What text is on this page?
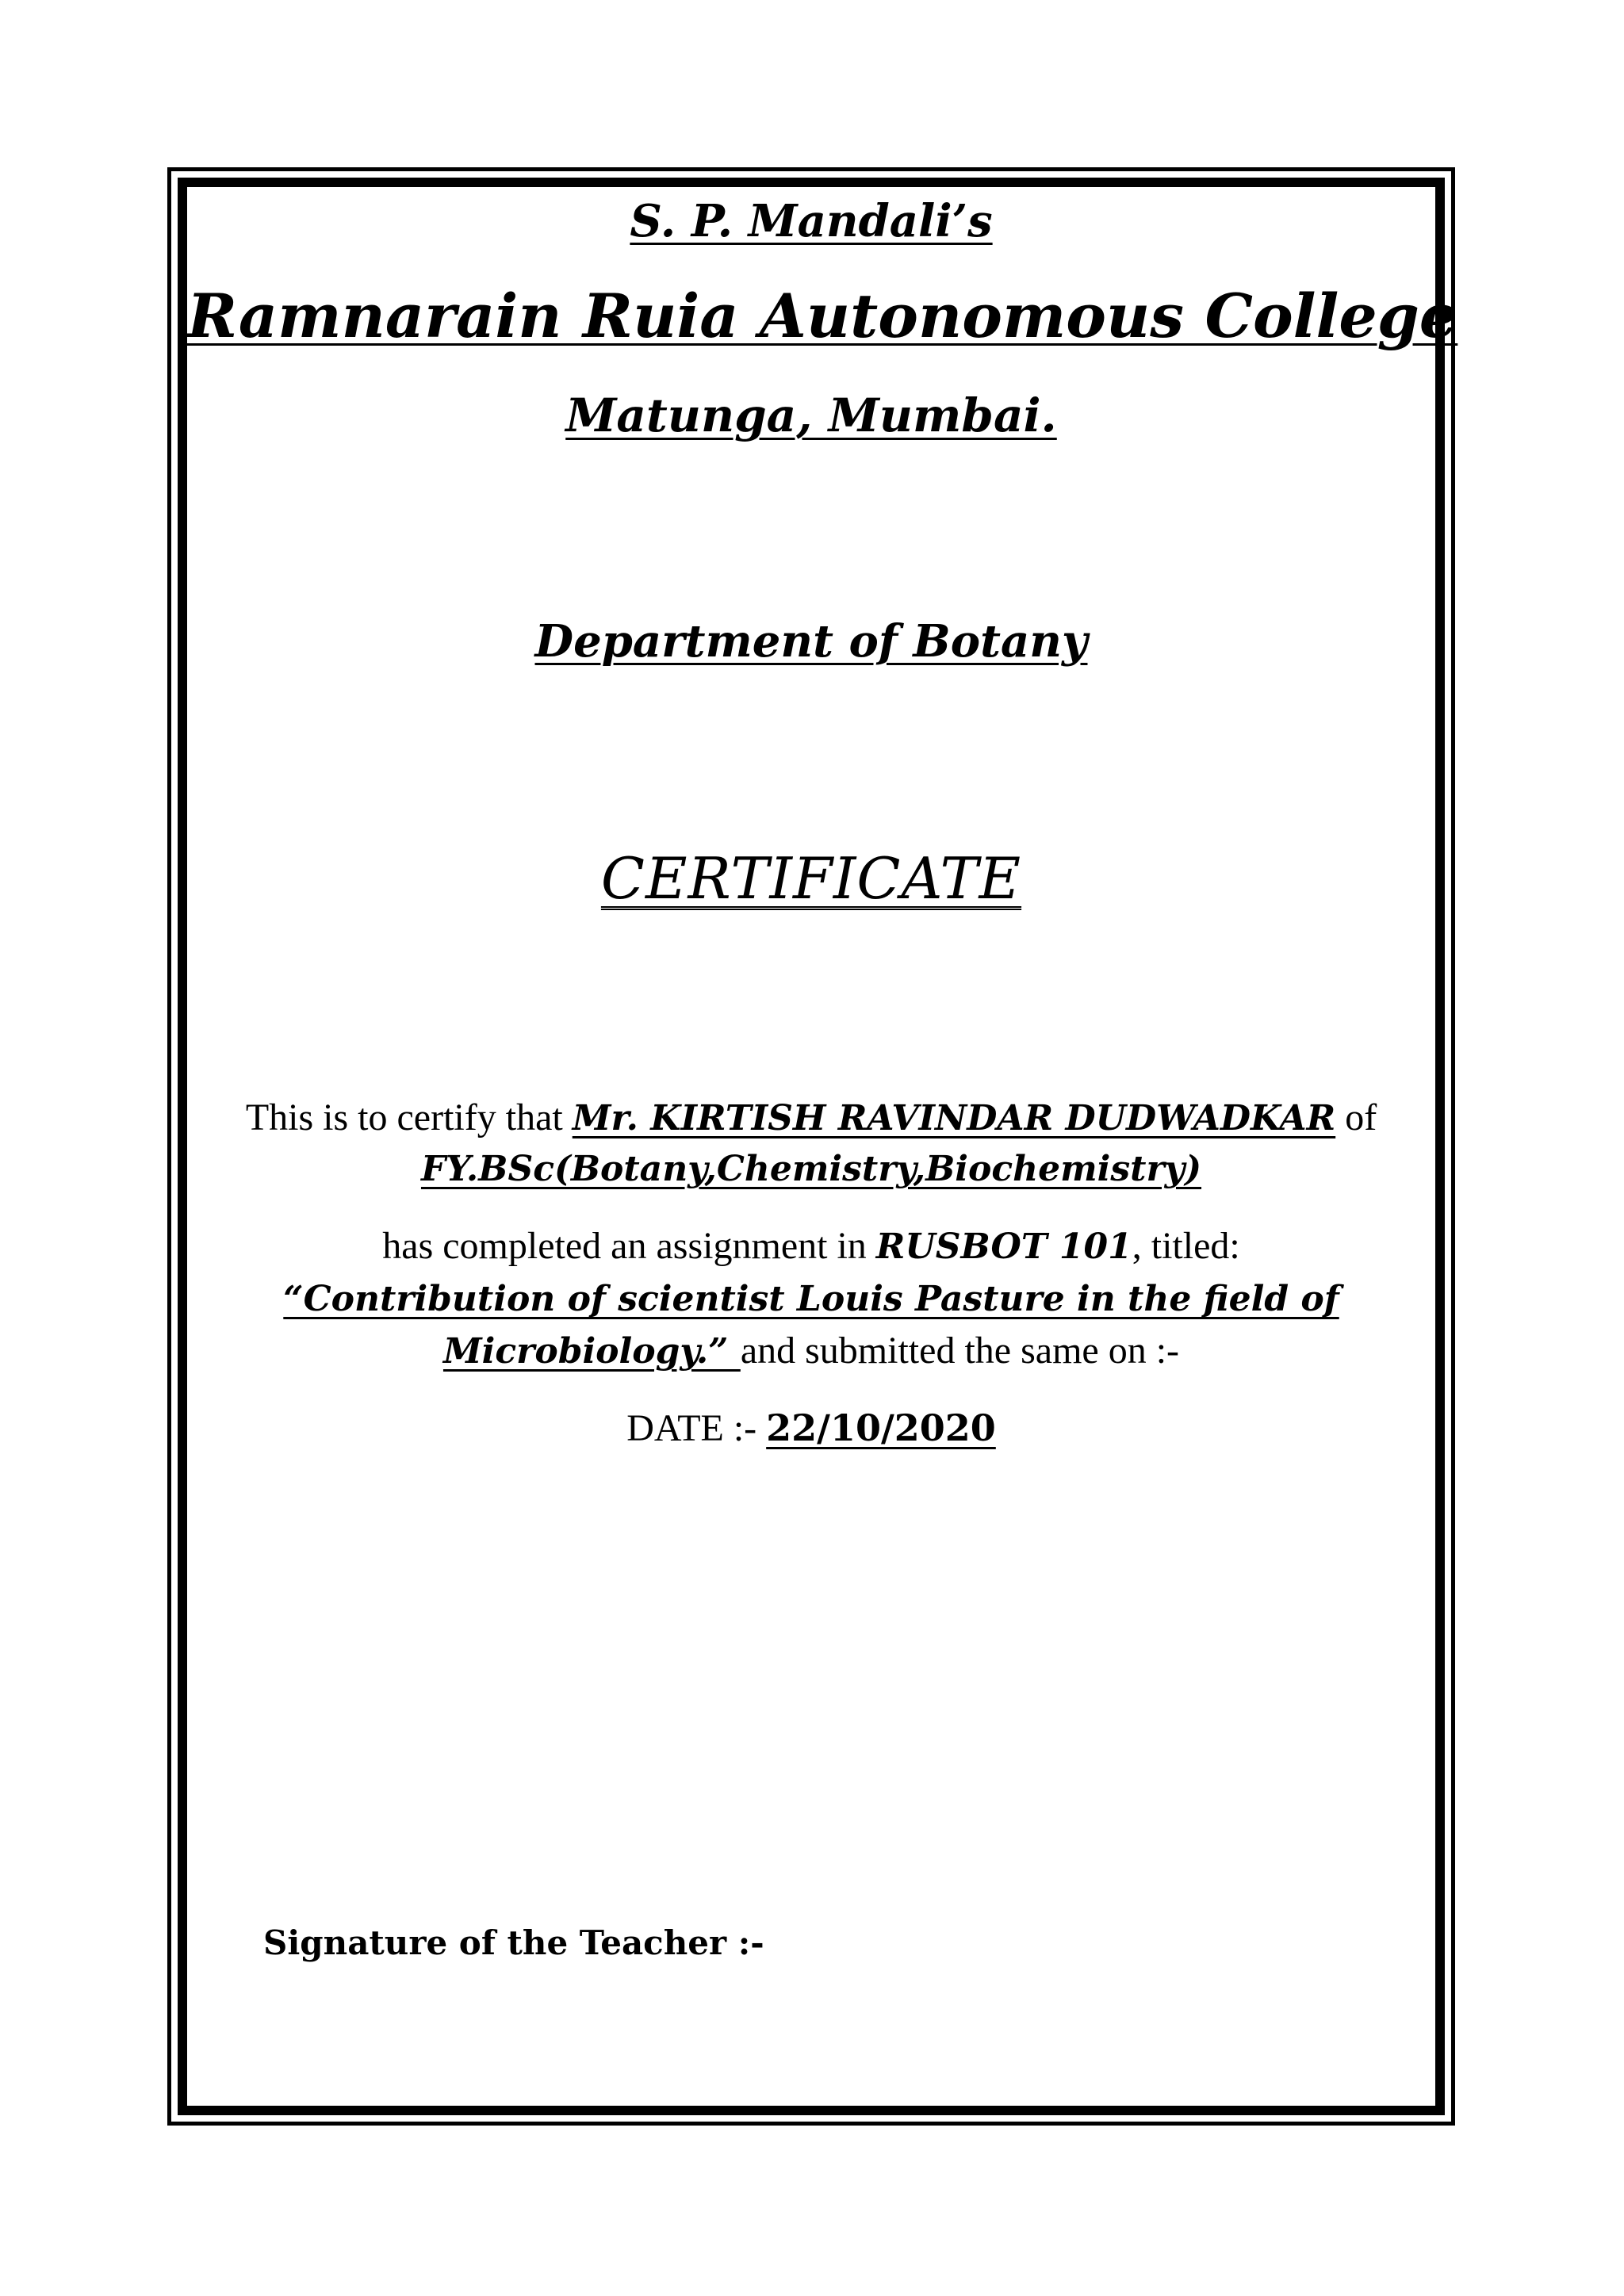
S. P. Mandali’s
Ramnarain Ruia Autonomous College
Matunga, Mumbai.
Department of Botany
CERTIFICATE
This is to certify that Mr. KIRTISH RAVINDAR DUDWADKAR of
FY.BSc(Botany,Chemistry,Biochemistry)
has completed an assignment in RUSBOT 101, titled:
“Contribution of scientist Louis Pasture in the field of
Microbiology.” and submitted the same on :-
DATE :- 22/10/2020
Signature of the Teacher :-
